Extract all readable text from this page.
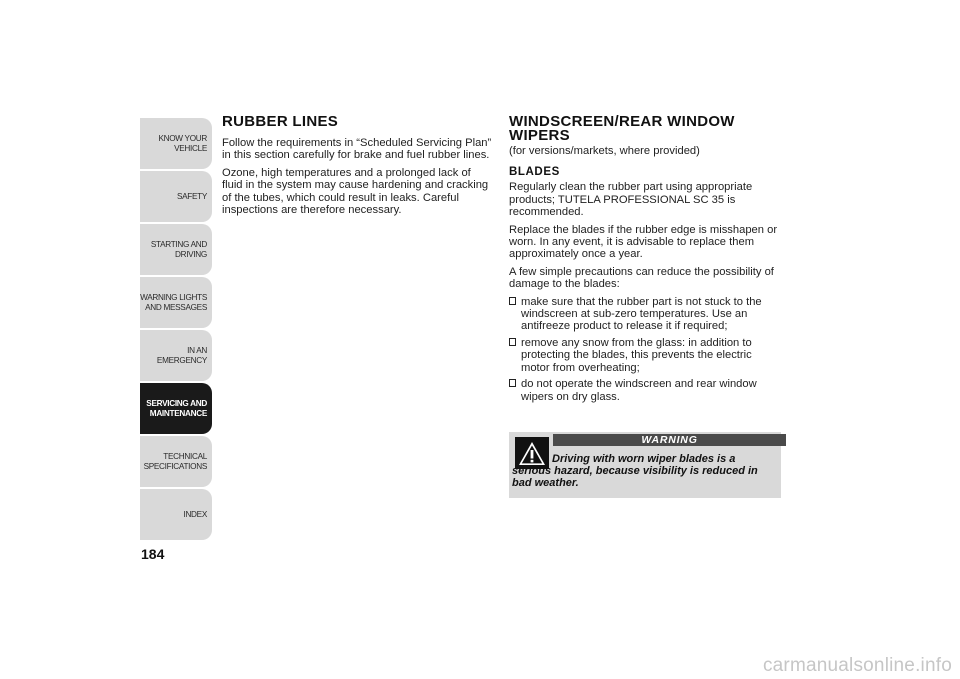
KNOW YOUR
VEHICLE
SAFETY
STARTING AND
DRIVING
WARNING LIGHTS
AND MESSAGES
IN AN EMERGENCY
SERVICING AND
MAINTENANCE
TECHNICAL
SPECIFICATIONS
INDEX
184
RUBBER LINES

Follow the requirements in “Scheduled Servicing Plan” in this section carefully for brake and fuel rubber lines.

Ozone, high temperatures and a prolonged lack of fluid in the system may cause hardening and cracking of the tubes, which could result in leaks. Careful inspections are therefore necessary.

WINDSCREEN/REAR WINDOW WIPERS

(for versions/markets, where provided)

BLADES

Regularly clean the rubber part using appropriate products; TUTELA PROFESSIONAL SC 35 is recommended.

Replace the blades if the rubber edge is misshapen or worn. In any event, it is advisable to replace them approximately once a year.

A few simple precautions can reduce the possibility of damage to the blades:

make sure that the rubber part is not stuck to the windscreen at sub-zero temperatures. Use an antifreeze product to release it if required;
remove any snow from the glass: in addition to protecting the blades, this prevents the electric motor from overheating;
do not operate the windscreen and rear window wipers on dry glass.
WARNING
Driving with worn wiper blades is a serious hazard, because visibility is reduced in bad weather.
carmanualsonline.info
